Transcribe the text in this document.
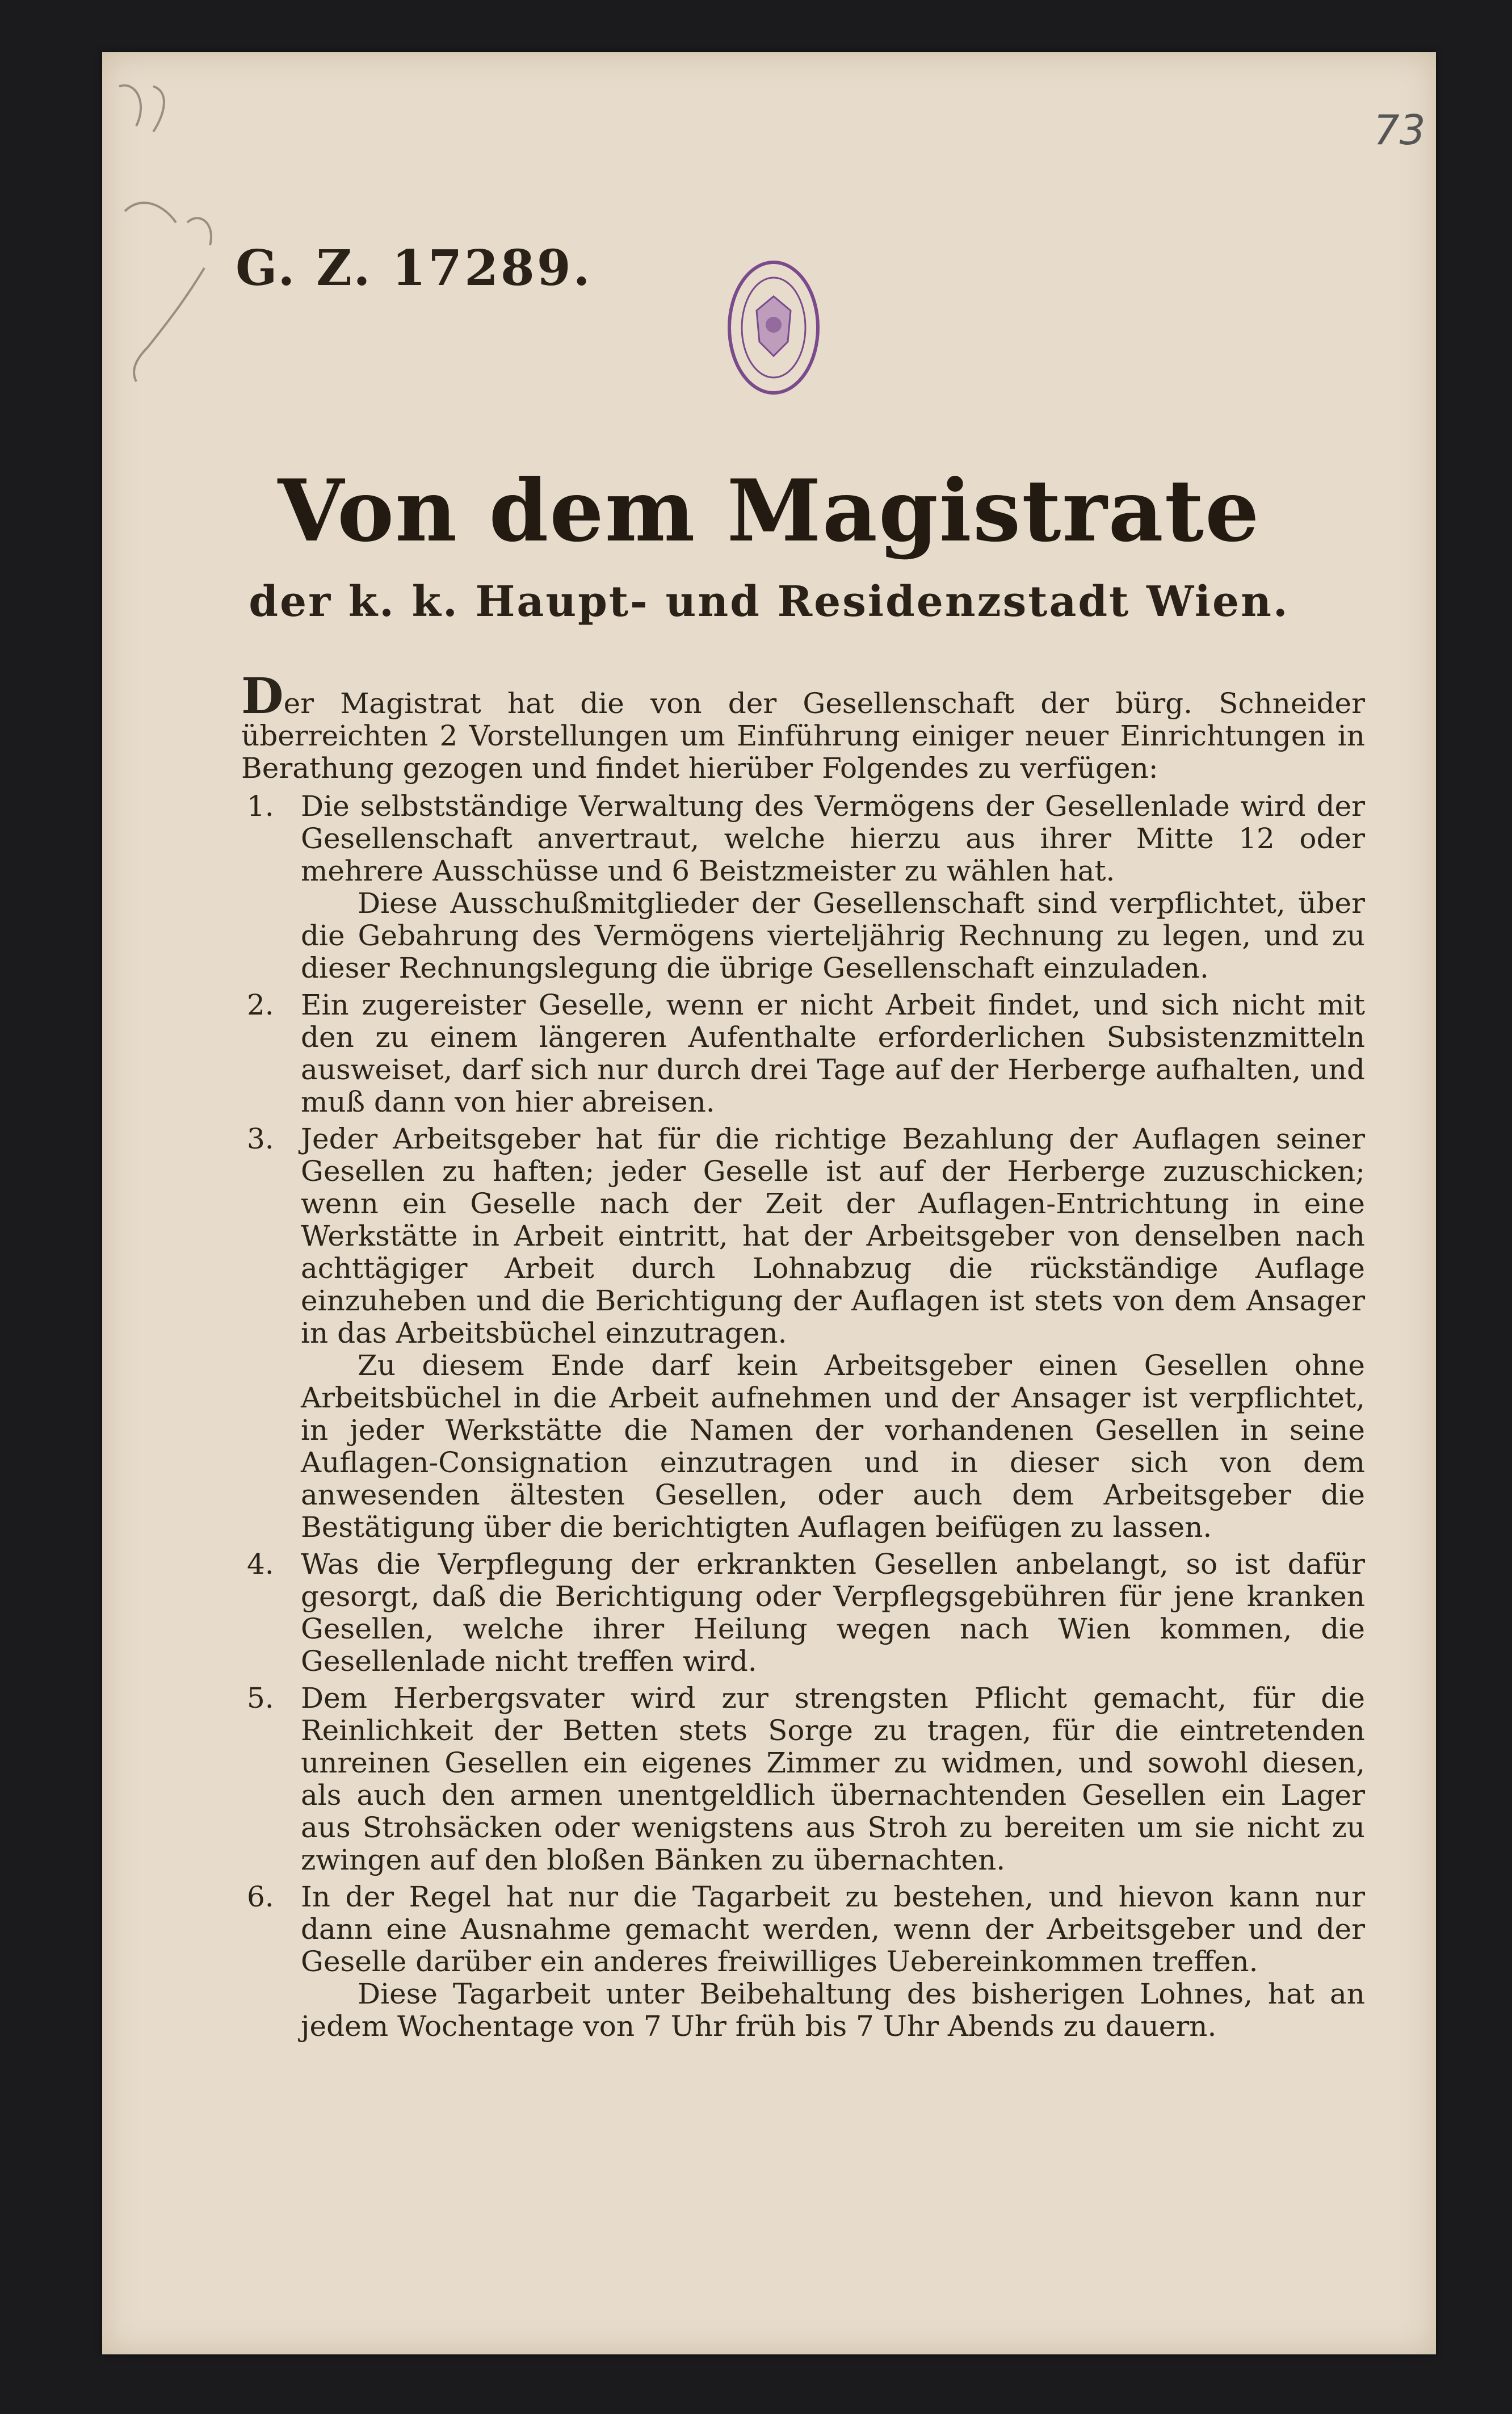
73
G. Z. 17289.
Von dem Magistrate
der k. k. Haupt- und Residenzstadt Wien.

Der Magistrat hat die von der Gesellenschaft der bürg. Schneider überreichten 2 Vorstellungen um Einführung einiger neuer Einrichtungen in Berathung gezogen und findet hierüber Folgendes zu verfügen:

1. Die selbstständige Verwaltung des Vermögens der Gesellenlade wird der Gesellenschaft anvertraut, welche hierzu aus ihrer Mitte 12 oder mehrere Ausschüsse und 6 Beistzmeister zu wählen hat.

Diese Ausschußmitglieder der Gesellenschaft sind verpflichtet, über die Gebahrung des Vermögens vierteljährig Rechnung zu legen, und zu dieser Rechnungslegung die übrige Gesellenschaft einzuladen.

2. Ein zugereister Geselle, wenn er nicht Arbeit findet, und sich nicht mit den zu einem längeren Aufenthalte erforderlichen Subsistenzmitteln ausweiset, darf sich nur durch drei Tage auf der Herberge aufhalten, und muß dann von hier abreisen.

3. Jeder Arbeitsgeber hat für die richtige Bezahlung der Auflagen seiner Gesellen zu haften; jeder Geselle ist auf der Herberge zuzuschicken; wenn ein Geselle nach der Zeit der Auflagen-Entrichtung in eine Werkstätte in Arbeit eintritt, hat der Arbeitsgeber von denselben nach achttägiger Arbeit durch Lohnabzug die rückständige Auflage einzuheben und die Berichtigung der Auflagen ist stets von dem Ansager in das Arbeitsbüchel einzutragen.

Zu diesem Ende darf kein Arbeitsgeber einen Gesellen ohne Arbeitsbüchel in die Arbeit aufnehmen und der Ansager ist verpflichtet, in jeder Werkstätte die Namen der vorhandenen Gesellen in seine Auflagen-Consignation einzutragen und in dieser sich von dem anwesenden ältesten Gesellen, oder auch dem Arbeitsgeber die Bestätigung über die berichtigten Auflagen beifügen zu lassen.

4. Was die Verpflegung der erkrankten Gesellen anbelangt, so ist dafür gesorgt, daß die Berichtigung oder Verpflegsgebühren für jene kranken Gesellen, welche ihrer Heilung wegen nach Wien kommen, die Gesellenlade nicht treffen wird.

5. Dem Herbergsvater wird zur strengsten Pflicht gemacht, für die Reinlichkeit der Betten stets Sorge zu tragen, für die eintretenden unreinen Gesellen ein eigenes Zimmer zu widmen, und sowohl diesen, als auch den armen unentgeldlich übernachtenden Gesellen ein Lager aus Strohsäcken oder wenigstens aus Stroh zu bereiten um sie nicht zu zwingen auf den bloßen Bänken zu übernachten.

6. In der Regel hat nur die Tagarbeit zu bestehen, und hievon kann nur dann eine Ausnahme gemacht werden, wenn der Arbeitsgeber und der Geselle darüber ein anderes freiwilliges Uebereinkommen treffen.

Diese Tagarbeit unter Beibehaltung des bisherigen Lohnes, hat an jedem Wochentage von 7 Uhr früh bis 7 Uhr Abends zu dauern.
